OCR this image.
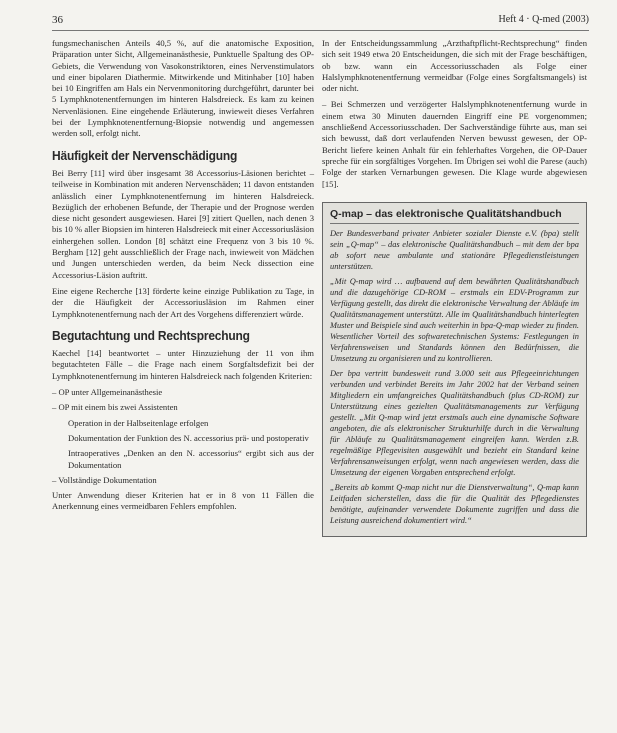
36	Heft 4 · Q-med (2003)

fungsmechanischen Anteils 40,5 %, auf die anatomische Exposition, Präparation unter Sicht, Allgemeinanästhesie, Punktuelle Spaltung des OP-Gebiets, die Verwendung von Vasokonstriktoren, eines Nervenstimulators und einer bipolaren Diathermie. Mitwirkende und Mitinhaber [10] haben bei 10 Eingriffen am Hals ein Nervenmonitoring durchgeführt, darunter bei 5 Lymphknotenentfernungen im hinteren Halsdreieck. Es kam zu keinen Nervenläsionen. Eine eingehende Erläuterung, inwieweit dieses Verfahren bei der Lymphknotenentfernung-Biopsie notwendig und angemessen werden soll, erfolgt nicht.

Häufigkeit der Nervenschädigung

Bei Berry [11] wird über insgesamt 38 Accessorius-Läsionen berichtet – teilweise in Kombination mit anderen Nervenschäden; 11 davon entstanden anlässlich einer Lymphknotenentfernung im hinteren Halsdreieck. Bezüglich der erhobenen Befunde, der Therapie und der Prognose werden diese nicht gesondert ausgewiesen. Harei [9] zitiert Quellen, nach denen 3 bis 10 % aller Biopsien im hinteren Halsdreieck mit einer Accessoriusläsion einhergehen sollen. London [8] schätzt eine Frequenz von 3 bis 10 %. Bergham [12] geht ausschließlich der Frage nach, inwieweit von Mädchen und Jungen unterschieden werden, da beim Neck dissection eine Accessorius-Läsion auftritt.

Eine eigene Recherche [13] förderte keine einzige Publikation zu Tage, in der die Häufigkeit der Accessoriusläsion im Rahmen einer Lymphknotenentfernung nach der Art des Vorgehens differenziert würde.

Begutachtung und Rechtsprechung

Kaechel [14] beantwortet – unter Hinzuziehung der 11 von ihm begutachteten Fälle – die Frage nach einem Sorgfaltsdefizit bei der Lymphknotenentfernung im hinteren Halsdreieck nach folgenden Kriterien:

– OP unter Allgemeinanästhesie

– OP mit einem bis zwei Assistenten

Operation in der Halbseitenlage erfolgen

Dokumentation der Funktion des N. accessorius prä- und postoperativ

Intraoperatives „Denken an den N. accessorius“ ergibt sich aus der Dokumentation

– Vollständige Dokumentation

Unter Anwendung dieser Kriterien hat er in 8 von 11 Fällen die Anerkennung eines vermeidbaren Fehlers empfohlen.

In der Entscheidungssammlung „Arzthaftpflicht-Rechtsprechung“ finden sich seit 1949 etwa 20 Entscheidungen, die sich mit der Frage beschäftigen, ob bzw. wann ein Accessoriusschaden als Folge einer Halslymphknotenentfernung vermeidbar (Folge eines Sorgfaltsmangels) ist oder nicht.

– Bei Schmerzen und verzögerter Halslymphknotenentfernung wurde in einem etwa 30 Minuten dauernden Eingriff eine PE vorgenommen; anschließend Accessoriusschaden. Der Sachverständige führte aus, man sei sich bewusst, daß dort verlaufenden Nerven bewusst gewesen, der OP-Bericht liefere keinen Anhalt für ein fehlerhaftes Vorgehen, die OP-Dauer spreche für ein sorgfältiges Vorgehen. Im Übrigen sei wohl die Parese (auch) Folge der starken Vernarbungen gewesen. Die Klage wurde abgewiesen [15].

Q-map – das elektronische Qualitätshandbuch

Der Bundesverband privater Anbieter sozialer Dienste e.V. (bpa) stellt sein „Q-map“ – das elektronische Qualitätshandbuch – mit dem der bpa ab sofort neue ambulante und stationäre Pflegedienstleistungen unterstützen.

„Mit Q-map wird … aufbauend auf dem bewährten Qualitätshandbuch und die dazugehörige CD-ROM – erstmals ein EDV-Programm zur Verfügung gestellt, das direkt die elektronische Verwaltung der Abläufe im Qualitätsmanagement unterstützt. Alle im Qualitätshandbuch hinterlegten Muster und Beispiele sind auch weiterhin in bpa-Q-map wieder zu finden. Wesentlicher Vorteil des softwaretechnischen Systems: Festlegungen in Verfahrensweisen und Standards können den Bedürfnissen, die Umsetzung zu organisieren und zu kontrollieren.

Der bpa vertritt bundesweit rund 3.000 seit aus Pflegeeinrichtungen verbunden und verbindet Bereits im Jahr 2002 hat der Verband seinen Mitgliedern ein umfangreiches Qualitätshandbuch (plus CD-ROM) zur Unterstützung eines gezielten Qualitätsmanagements zur Verfügung gestellt. „Mit Q-map wird jetzt erstmals auch eine dynamische Software angeboten, die als elektronischer Strukturhilfe durch in die Verwaltung für Abläufe zu Qualitätsmanagement eingreifen kann. Werden z.B. regelmäßige Pflegevisiten ausgewählt und bezieht ein Standard keine Verfahrensanweisungen erfolgt, wenn nach angewiesen werden, dass die Umsetzung der eigenen Vorgaben entsprechend erfolgt.

„Bereits ab kommt Q-map nicht nur die Dienstverwaltung“, Q-map kann Leitfaden sicherstellen, dass die für die Qualität des Pflegedienstes benötigte, aufeinander verwendete Dokumente zugriffen und dass die Leistung ausreichend dokumentiert wird.“
